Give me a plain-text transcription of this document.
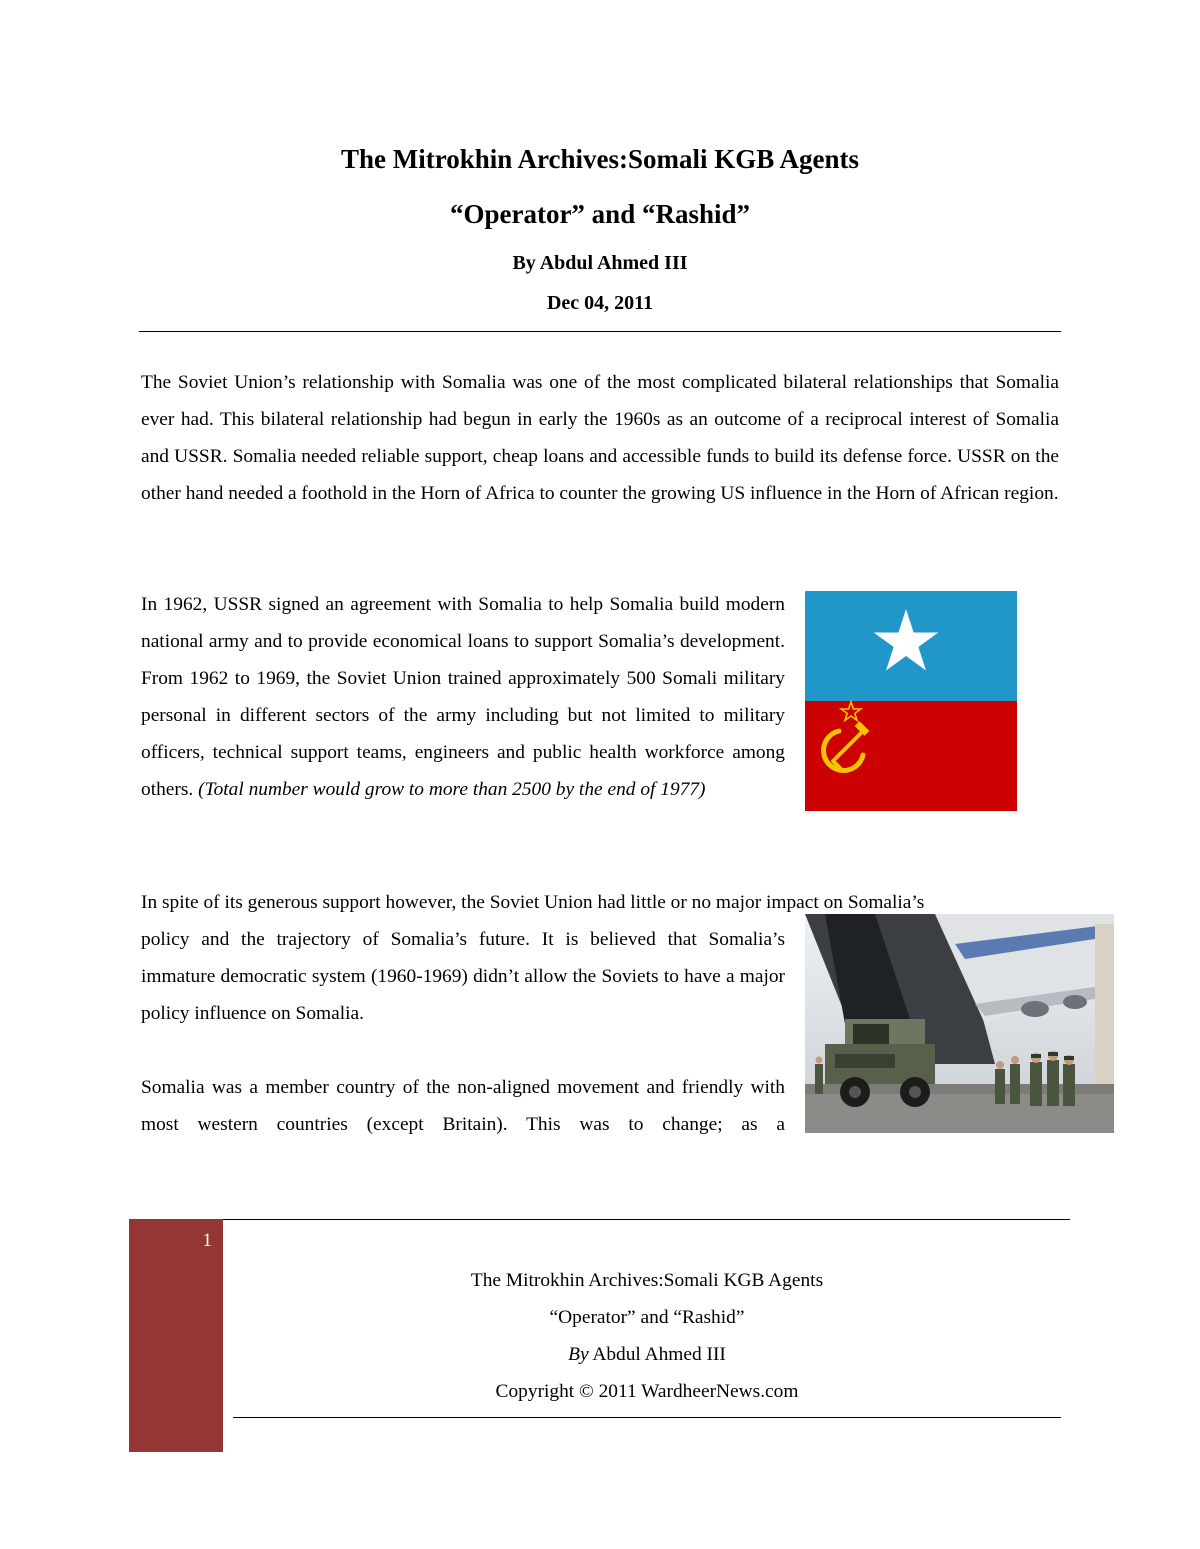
The Mitrokhin Archives:Somali KGB Agents
“Operator” and “Rashid”
By Abdul Ahmed III
Dec 04, 2011
The Soviet Union’s relationship with Somalia was one of the most complicated bilateral relationships that Somalia ever had. This bilateral relationship had begun in early the 1960s as an outcome of a reciprocal interest of Somalia and USSR. Somalia needed reliable support, cheap loans and accessible funds to build its defense force. USSR on the other hand needed a foothold in the Horn of Africa to counter the growing US influence in the Horn of African region.
In 1962, USSR signed an agreement with Somalia to help Somalia build modern national army and to provide economical loans to support Somalia’s development. From 1962 to 1969, the Soviet Union trained approximately 500 Somali military personal in different sectors of the army including but not limited to military officers, technical support teams, engineers and public health workforce among others. (Total number would grow to more than 2500 by the end of 1977)
In spite of its generous support however, the Soviet Union had little or no major impact on Somalia’s
policy and the trajectory of Somalia’s future. It is believed that Somalia’s immature democratic system (1960-1969) didn’t allow the Soviets to have a major policy influence on Somalia.
Somalia was a member country of the non-aligned movement and friendly with most western countries (except Britain). This was to change; as a
1
The Mitrokhin Archives:Somali KGB Agents
“Operator” and “Rashid”
By Abdul Ahmed III
Copyright © 2011 WardheerNews.com
